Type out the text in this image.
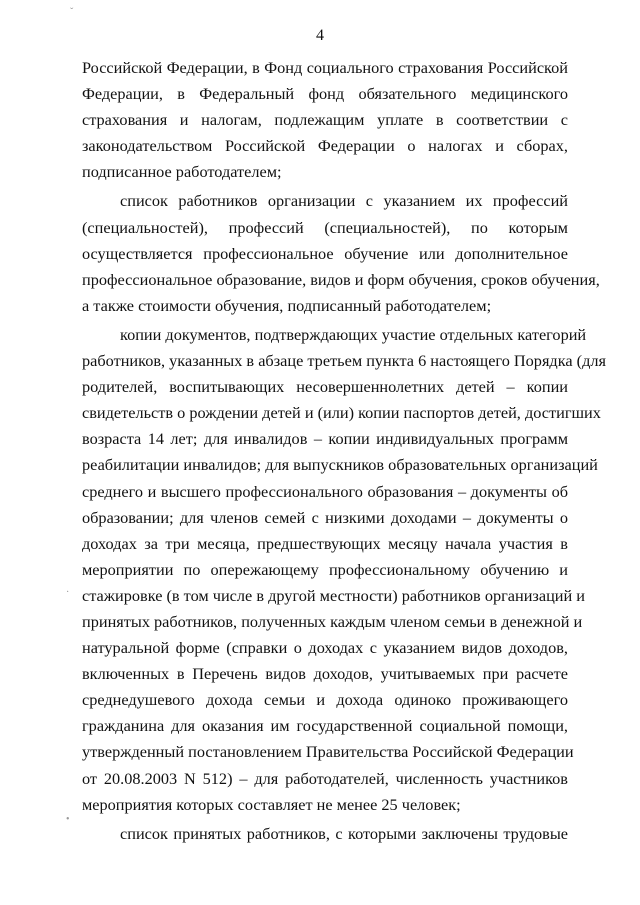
4
ˇ
·
•
Российской Федерации, в Фонд социального страхования Российской
Федерации, в Федеральный фонд обязательного медицинского
страхования и налогам, подлежащим уплате в соответствии с
законодательством Российской Федерации о налогах и сборах,
подписанное работодателем;
список работников организации с указанием их профессий
(специальностей), профессий (специальностей), по которым
осуществляется профессиональное обучение или дополнительное
профессиональное образование, видов и форм обучения, сроков обучения,
а также стоимости обучения, подписанный работодателем;
копии документов, подтверждающих участие отдельных категорий
работников, указанных в абзаце третьем пункта 6 настоящего Порядка (для
родителей, воспитывающих несовершеннолетних детей – копии
свидетельств о рождении детей и (или) копии паспортов детей, достигших
возраста 14 лет; для инвалидов – копии индивидуальных программ
реабилитации инвалидов; для выпускников образовательных организаций
среднего и высшего профессионального образования – документы об
образовании; для членов семей с низкими доходами – документы о
доходах за три месяца, предшествующих месяцу начала участия в
мероприятии по опережающему профессиональному обучению и
стажировке (в том числе в другой местности) работников организаций и
принятых работников, полученных каждым членом семьи в денежной и
натуральной форме (справки о доходах с указанием видов доходов,
включенных в Перечень видов доходов, учитываемых при расчете
среднедушевого дохода семьи и дохода одиноко проживающего
гражданина для оказания им государственной социальной помощи,
утвержденный постановлением Правительства Российской Федерации
от 20.08.2003 N 512) – для работодателей, численность участников
мероприятия которых составляет не менее 25 человек;
список принятых работников, с которыми заключены трудовые
